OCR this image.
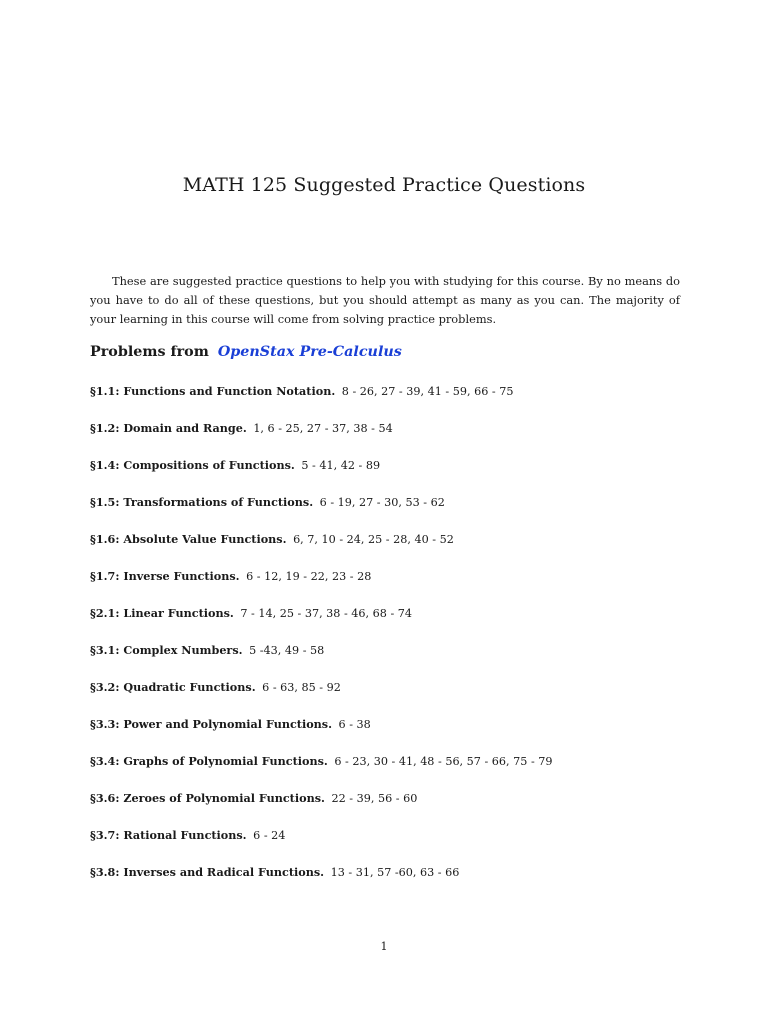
MATH 125 Suggested Practice Questions

These are suggested practice questions to help you with studying for this course. By no means do you have to do all of these questions, but you should attempt as many as you can. The majority of your learning in this course will come from solving practice problems.

Problems from OpenStax Pre-Calculus

§1.1: Functions and Function Notation. 8 - 26, 27 - 39, 41 - 59, 66 - 75

§1.2: Domain and Range. 1, 6 - 25, 27 - 37, 38 - 54

§1.4: Compositions of Functions. 5 - 41, 42 - 89

§1.5: Transformations of Functions. 6 - 19, 27 - 30, 53 - 62

§1.6: Absolute Value Functions. 6, 7, 10 - 24, 25 - 28, 40 - 52

§1.7: Inverse Functions. 6 - 12, 19 - 22, 23 - 28

§2.1: Linear Functions. 7 - 14, 25 - 37, 38 - 46, 68 - 74

§3.1: Complex Numbers. 5 -43, 49 - 58

§3.2: Quadratic Functions. 6 - 63, 85 - 92

§3.3: Power and Polynomial Functions. 6 - 38

§3.4: Graphs of Polynomial Functions. 6 - 23, 30 - 41, 48 - 56, 57 - 66, 75 - 79

§3.6: Zeroes of Polynomial Functions. 22 - 39, 56 - 60

§3.7: Rational Functions. 6 - 24

§3.8: Inverses and Radical Functions. 13 - 31, 57 -60, 63 - 66

1
